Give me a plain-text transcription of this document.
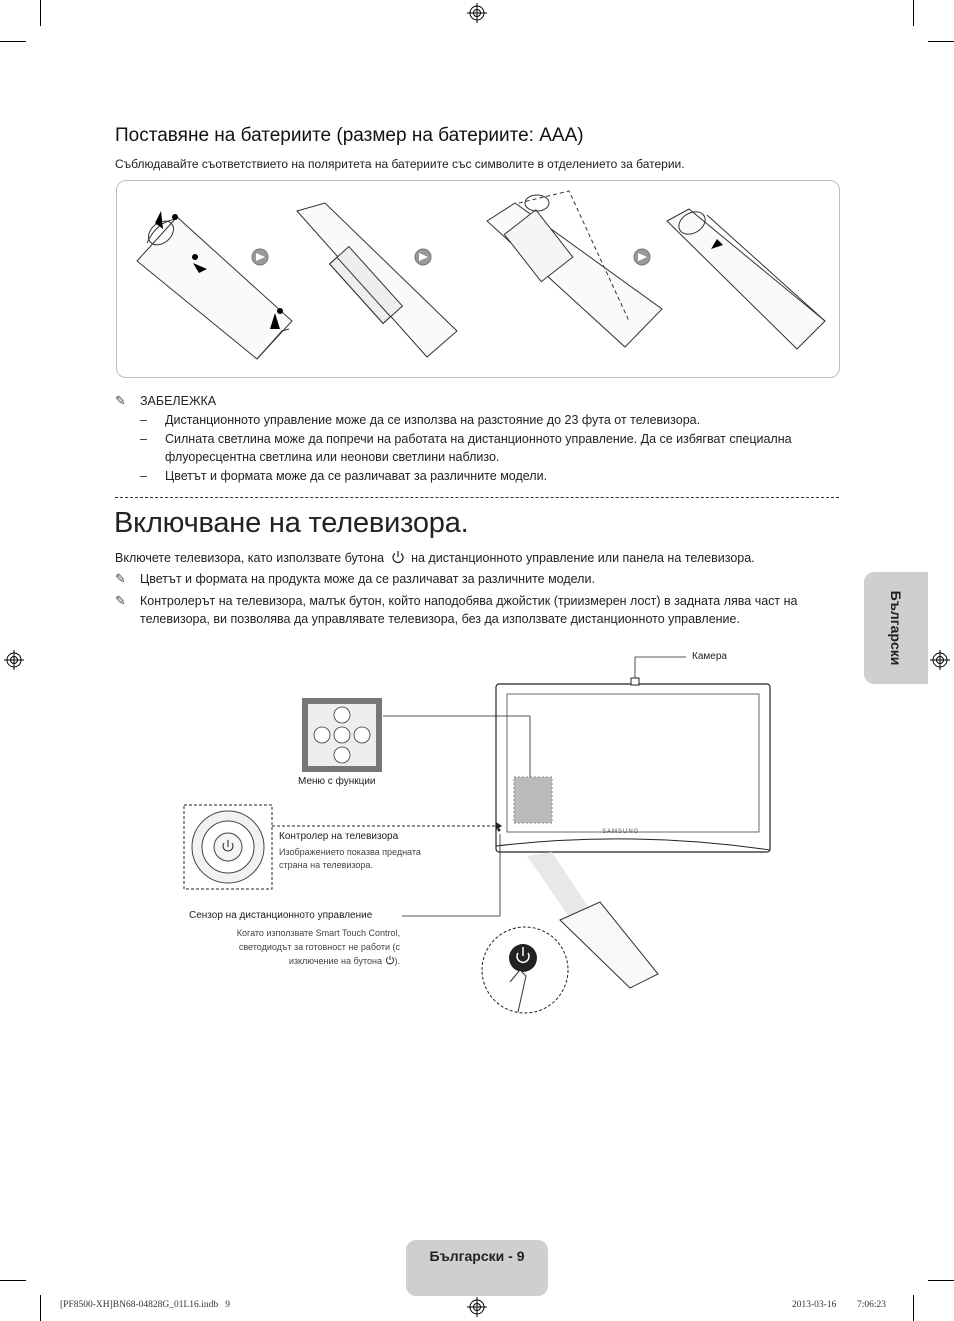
Поставяне на батериите (размер на батериите: AAA)
Съблюдавайте съответствието на поляритета на батериите със символите в отделението за батерии.
✎ ЗАБЕЛЕЖКА
– Дистанционното управление може да се използва на разстояние до 23 фута от телевизора.
– Силната светлина може да попречи на работата на дистанционното управление. Да се избягват специална
флуоресцентна светлина или неонови светлини наблизо.
– Цветът и формата може да се различават за различните модели.
Включване на телевизора.
Включете телевизора, като използвате бутона на дистанционното управление или панела на телевизора.
✎ Цветът и формата на продукта може да се различават за различните модели.
✎ Контролерът на телевизора, малък бутон, който наподобява джойстик (триизмерен лост) в задната лява част на
телевизора, ви позволява да управлявате телевизора, без да използвате дистанционното управление.	Български
Камера
Меню с функции
SAMSUNG
Контролер на телевизора
Изображението показва предната
страна на телевизора.
Сензор на дистанционното управление
Когато използвате Smart Touch Control,
светодиодът за готовност не работи (с
изключение на бутона ).
Български - 9
[PF8500-XH]BN68-04828G_01L16.indb   9	2013-03-16 7:06:23
